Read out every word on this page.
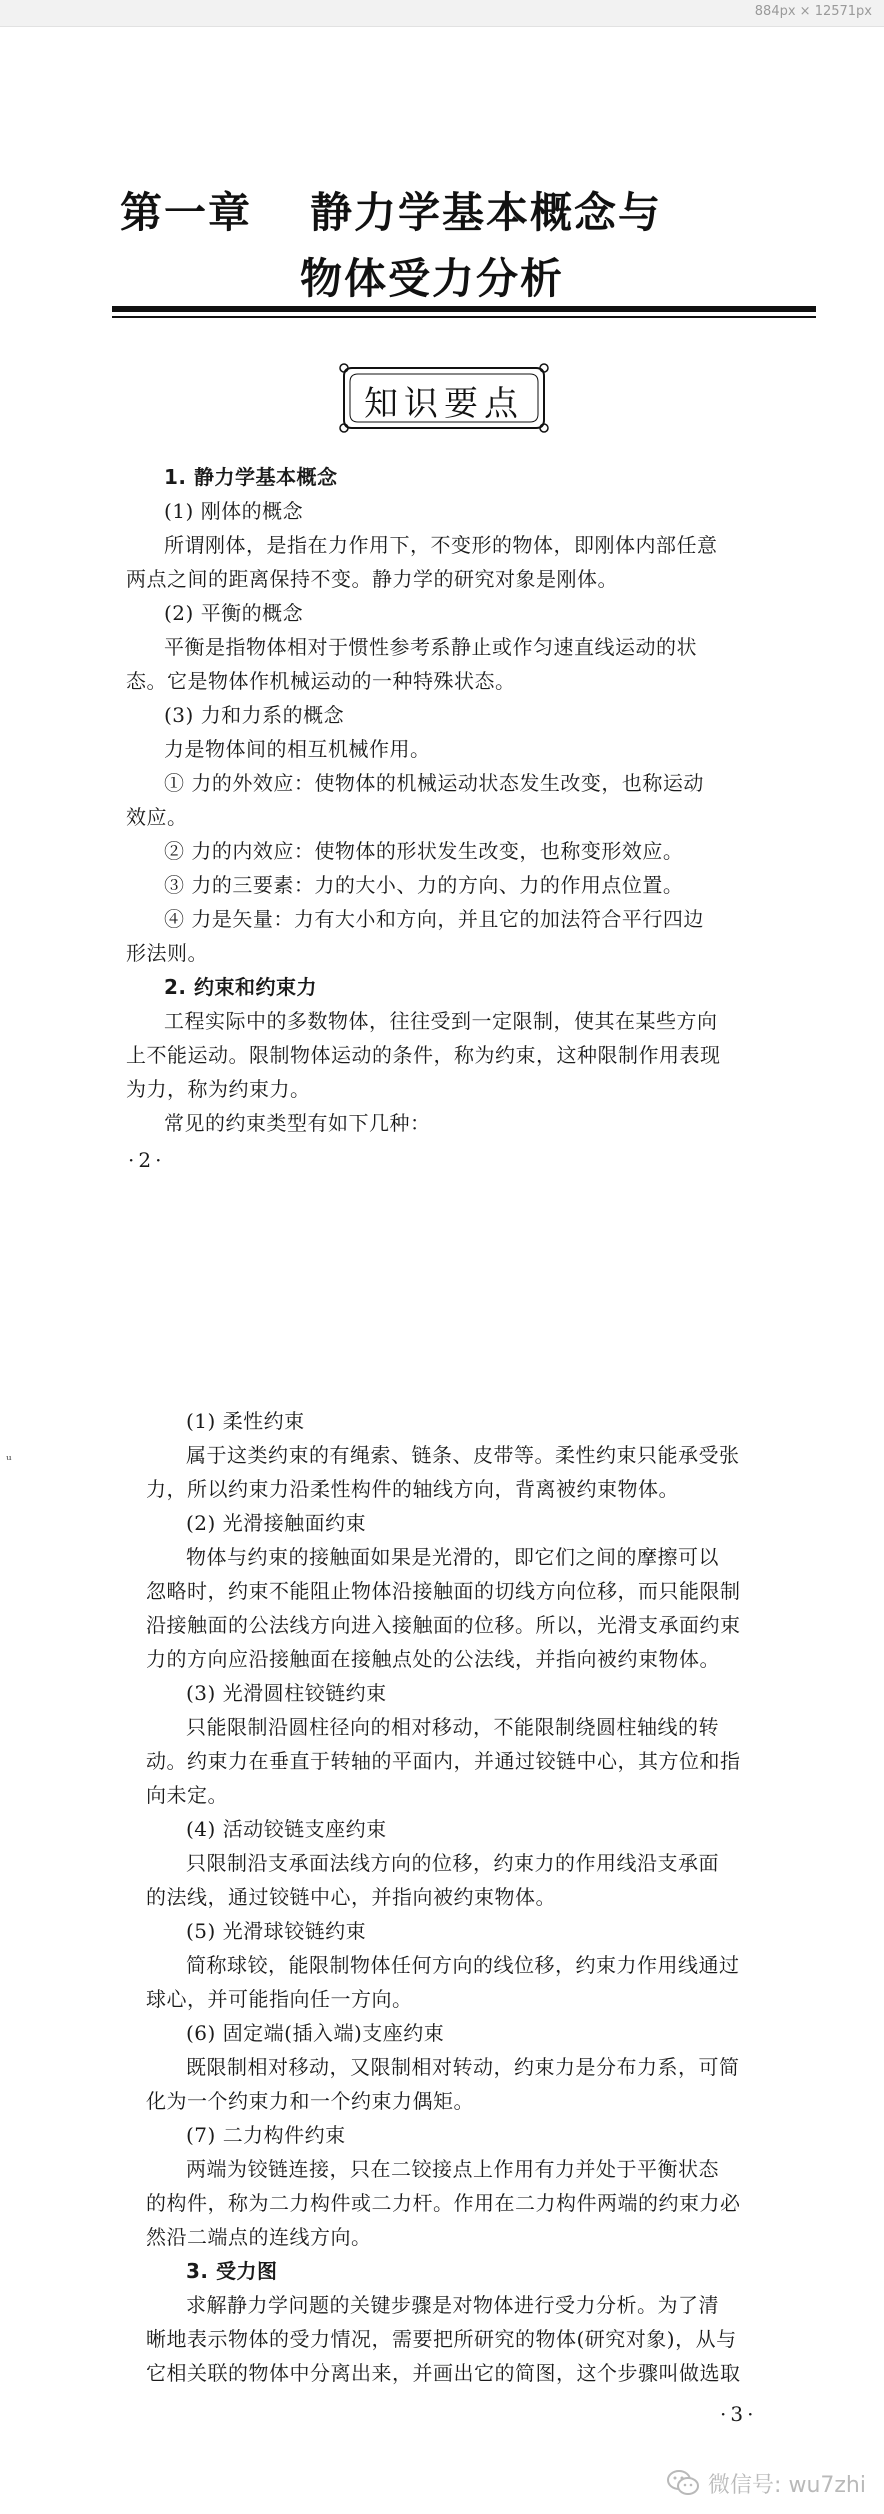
884px × 12571px
第一章 静力学基本概念与
物体受力分析
知识要点
1. 静力学基本概念
(1) 刚体的概念
所谓刚体，是指在力作用下，不变形的物体，即刚体内部任意
两点之间的距离保持不变。静力学的研究对象是刚体。
(2) 平衡的概念
平衡是指物体相对于惯性参考系静止或作匀速直线运动的状
态。它是物体作机械运动的一种特殊状态。
(3) 力和力系的概念
力是物体间的相互机械作用。
① 力的外效应：使物体的机械运动状态发生改变，也称运动
效应。
② 力的内效应：使物体的形状发生改变，也称变形效应。
③ 力的三要素：力的大小、力的方向、力的作用点位置。
④ 力是矢量：力有大小和方向，并且它的加法符合平行四边
形法则。
2. 约束和约束力
工程实际中的多数物体，往往受到一定限制，使其在某些方向
上不能运动。限制物体运动的条件，称为约束，这种限制作用表现
为力，称为约束力。
常见的约束类型有如下几种：
·2·
ᵤ
(1) 柔性约束
属于这类约束的有绳索、链条、皮带等。柔性约束只能承受张
力，所以约束力沿柔性构件的轴线方向，背离被约束物体。
(2) 光滑接触面约束
物体与约束的接触面如果是光滑的，即它们之间的摩擦可以
忽略时，约束不能阻止物体沿接触面的切线方向位移，而只能限制
沿接触面的公法线方向进入接触面的位移。所以，光滑支承面约束
力的方向应沿接触面在接触点处的公法线，并指向被约束物体。
(3) 光滑圆柱铰链约束
只能限制沿圆柱径向的相对移动，不能限制绕圆柱轴线的转
动。约束力在垂直于转轴的平面内，并通过铰链中心，其方位和指
向未定。
(4) 活动铰链支座约束
只限制沿支承面法线方向的位移，约束力的作用线沿支承面
的法线，通过铰链中心，并指向被约束物体。
(5) 光滑球铰链约束
简称球铰，能限制物体任何方向的线位移，约束力作用线通过
球心，并可能指向任一方向。
(6) 固定端(插入端)支座约束
既限制相对移动，又限制相对转动，约束力是分布力系，可简
化为一个约束力和一个约束力偶矩。
(7) 二力构件约束
两端为铰链连接，只在二铰接点上作用有力并处于平衡状态
的构件，称为二力构件或二力杆。作用在二力构件两端的约束力必
然沿二端点的连线方向。
3. 受力图
求解静力学问题的关键步骤是对物体进行受力分析。为了清
晰地表示物体的受力情况，需要把所研究的物体(研究对象)，从与
它相关联的物体中分离出来，并画出它的简图，这个步骤叫做选取
·3·
微信号: wu7zhi
